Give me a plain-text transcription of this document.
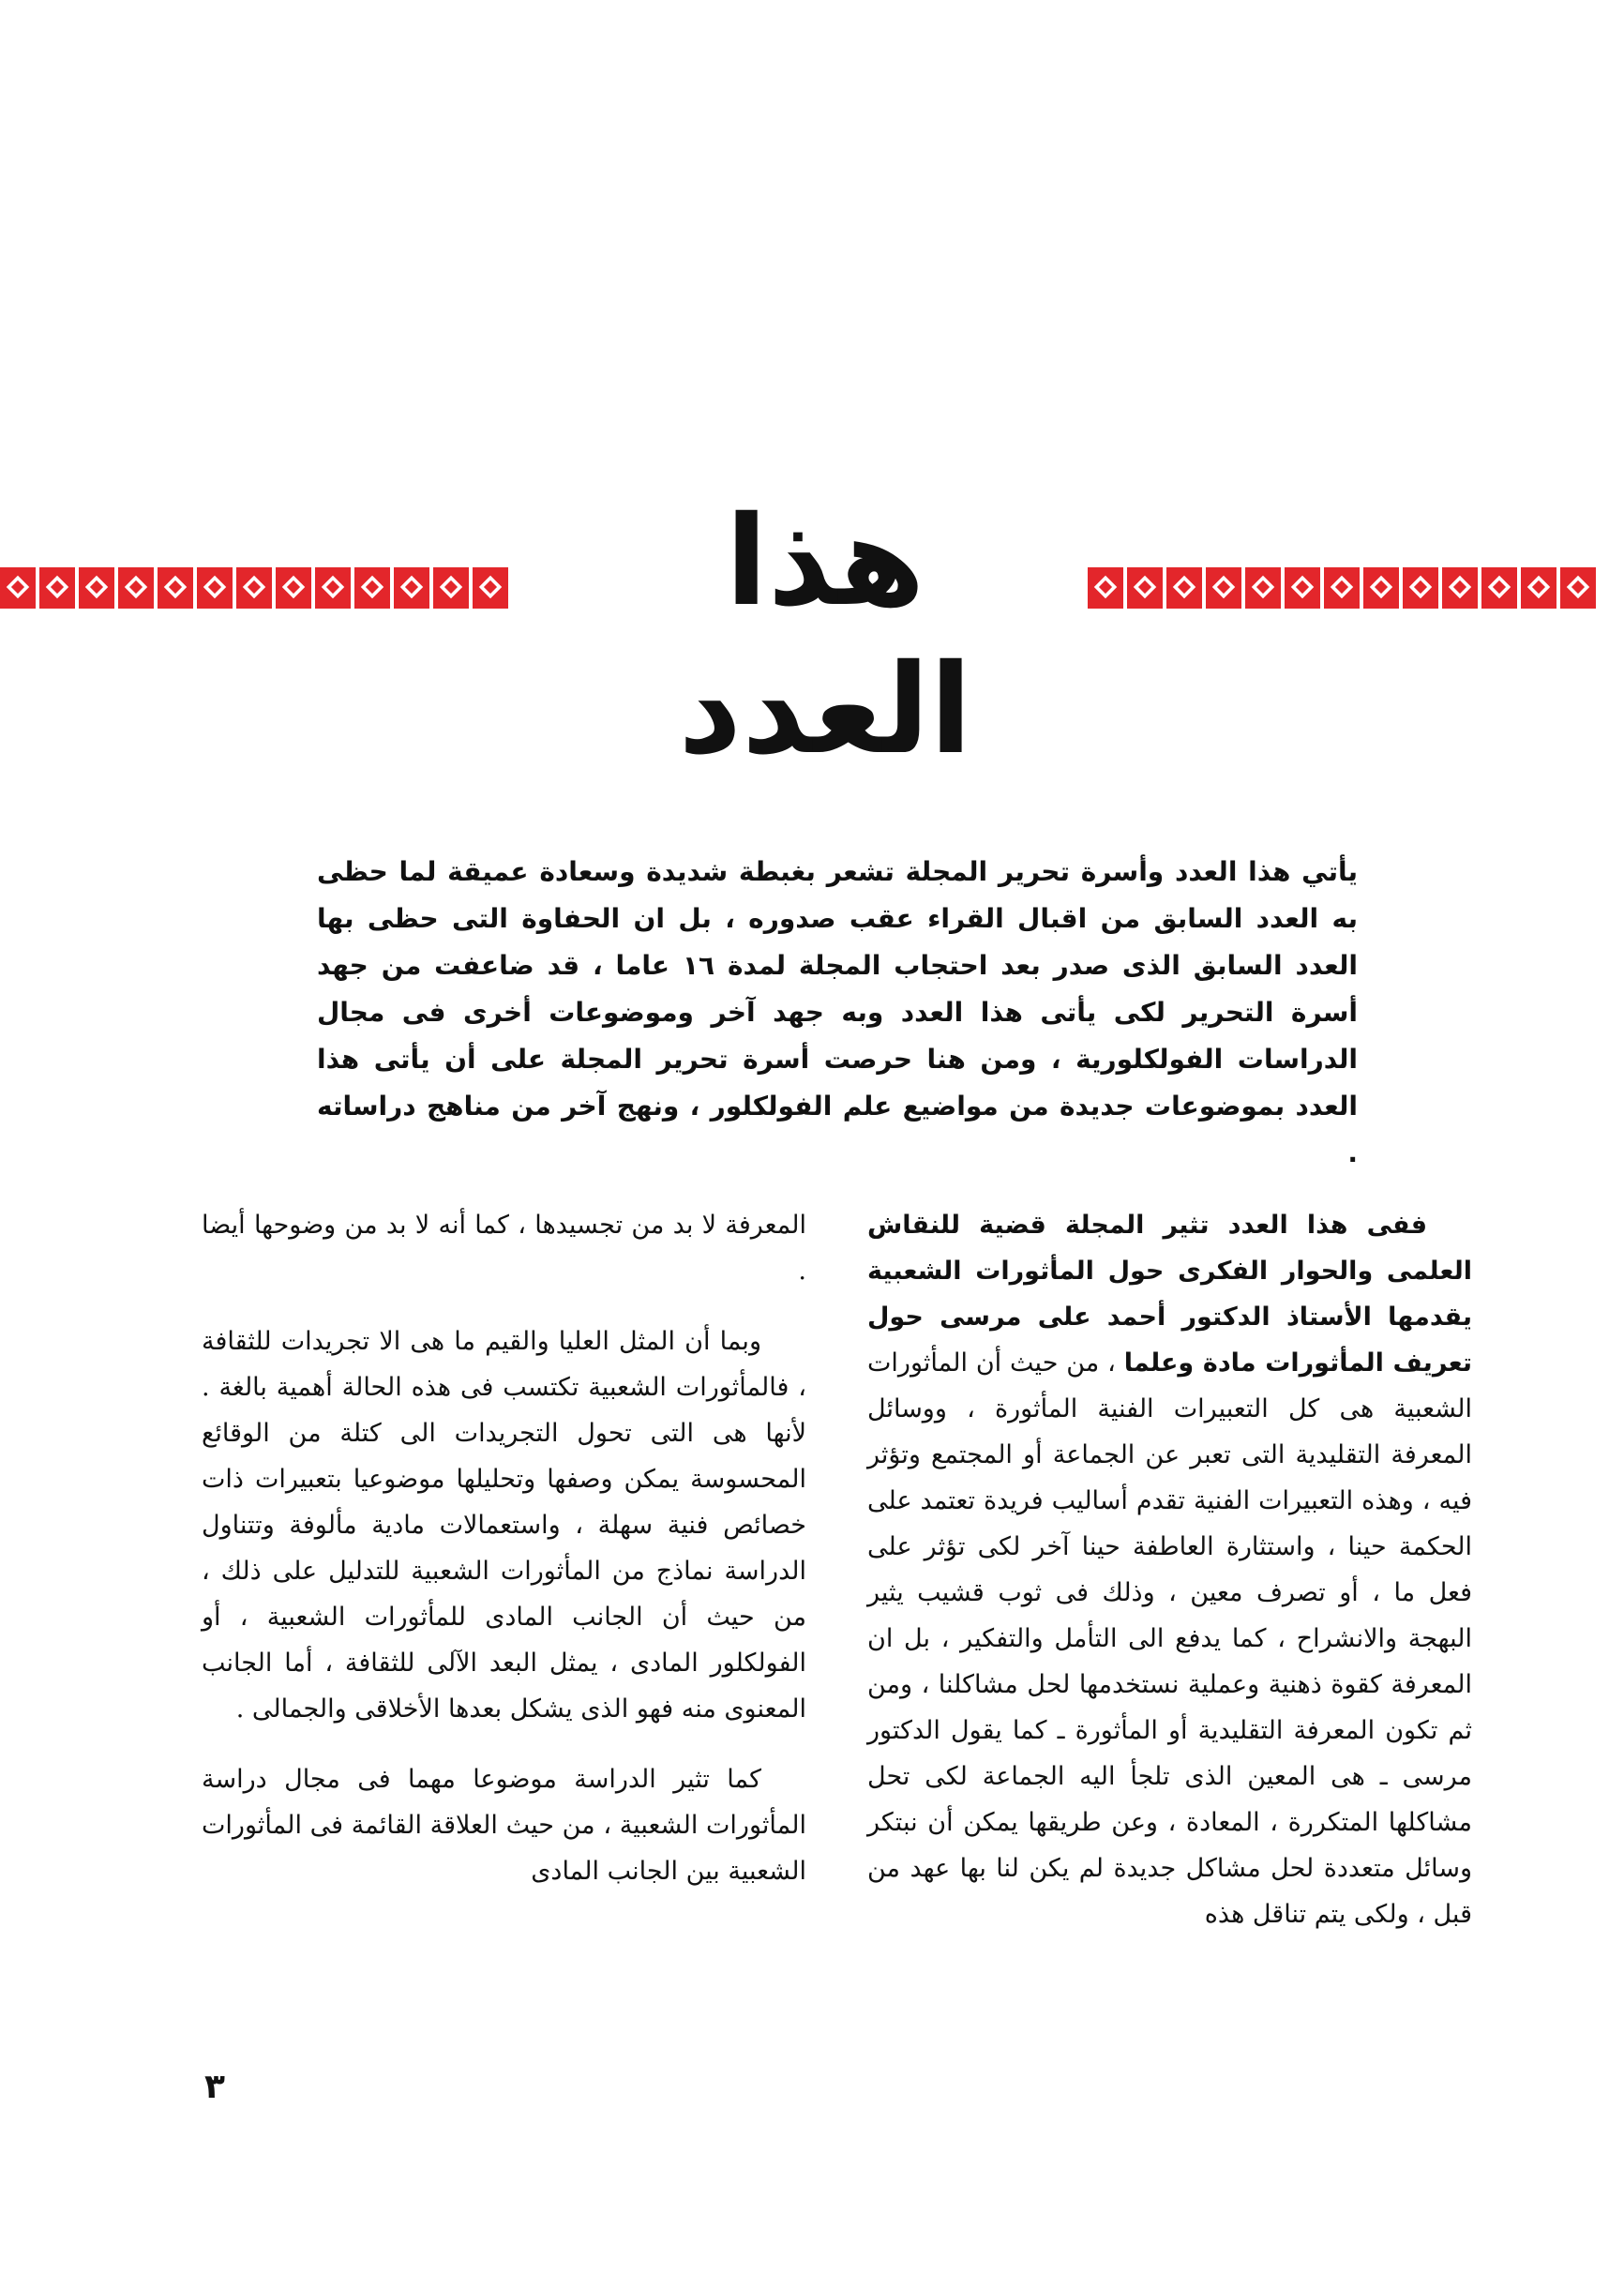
هذا العدد
يأتي هذا العدد وأسرة تحرير المجلة تشعر بغبطة شديدة وسعادة عميقة لما حظى به العدد السابق من اقبال القراء عقب صدوره ، بل ان الحفاوة التى حظى بها العدد السابق الذى صدر بعد احتجاب المجلة لمدة ١٦ عاما ، قد ضاعفت من جهد أسرة التحرير لكى يأتى هذا العدد وبه جهد آخر وموضوعات أخرى فى مجال الدراسات الفولكلورية ، ومن هنا حرصت أسرة تحرير المجلة على أن يأتى هذا العدد بموضوعات جديدة من مواضيع علم الفولكلور ، ونهج آخر من مناهج دراساته .

ففى هذا العدد تثير المجلة قضية للنقاش العلمى والحوار الفكرى حول المأثورات الشعبية يقدمها الأستاذ الدكتور أحمد على مرسى حول تعريف المأثورات مادة وعلما ، من حيث أن المأثورات الشعبية هى كل التعبيرات الفنية المأثورة ، ووسائل المعرفة التقليدية التى تعبر عن الجماعة أو المجتمع وتؤثر فيه ، وهذه التعبيرات الفنية تقدم أساليب فريدة تعتمد على الحكمة حينا ، واستثارة العاطفة حينا آخر لكى تؤثر على فعل ما ، أو تصرف معين ، وذلك فى ثوب قشيب يثير البهجة والانشراح ، كما يدفع الى التأمل والتفكير ، بل ان المعرفة كقوة ذهنية وعملية نستخدمها لحل مشاكلنا ، ومن ثم تكون المعرفة التقليدية أو المأثورة ـ كما يقول الدكتور مرسى ـ هى المعين الذى تلجأ اليه الجماعة لكى تحل مشاكلها المتكررة ، المعادة ، وعن طريقها يمكن أن نبتكر وسائل متعددة لحل مشاكل جديدة لم يكن لنا بها عهد من قبل ، ولكى يتم تناقل هذه

المعرفة لا بد من تجسيدها ، كما أنه لا بد من وضوحها أيضا .

وبما أن المثل العليا والقيم ما هى الا تجريدات للثقافة ، فالمأثورات الشعبية تكتسب فى هذه الحالة أهمية بالغة . لأنها هى التى تحول التجريدات الى كتلة من الوقائع المحسوسة يمكن وصفها وتحليلها موضوعيا بتعبيرات ذات خصائص فنية سهلة ، واستعمالات مادية مألوفة وتتناول الدراسة نماذج من المأثورات الشعبية للتدليل على ذلك ، من حيث أن الجانب المادى للمأثورات الشعبية ، أو الفولكلور المادى ، يمثل البعد الآلى للثقافة ، أما الجانب المعنوى منه فهو الذى يشكل بعدها الأخلاقى والجمالى .

كما تثير الدراسة موضوعا مهما فى مجال دراسة المأثورات الشعبية ، من حيث العلاقة القائمة فى المأثورات الشعبية بين الجانب المادى

٣
